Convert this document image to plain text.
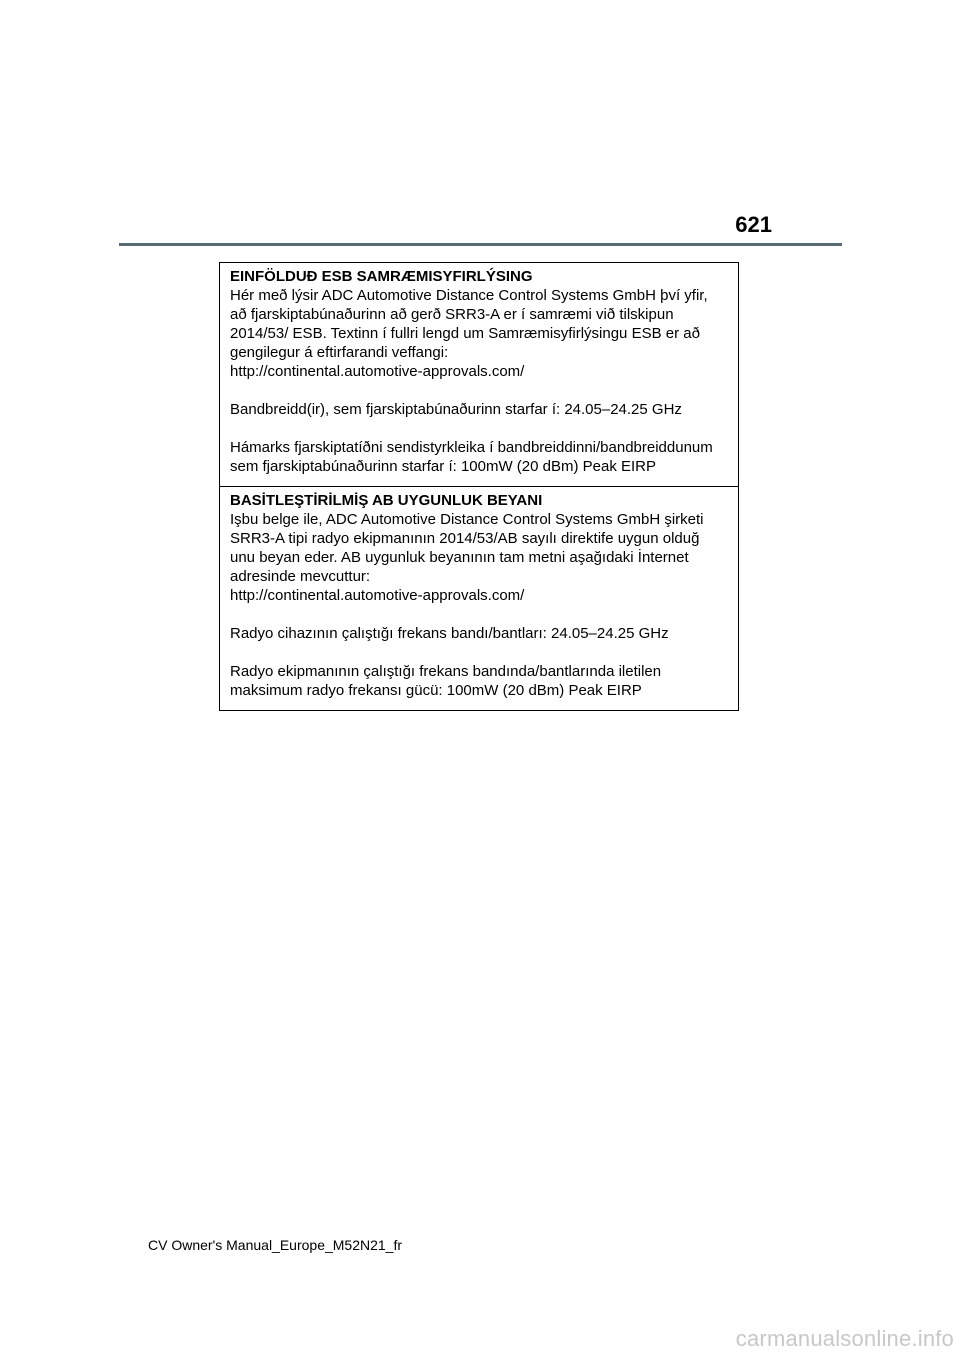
621

EINFÖLDUÐ ESB SAMRÆMISYFIRLÝSING

Hér með lýsir ADC Automotive Distance Control Systems GmbH því yfir, að fjarskiptabúnaðurinn að gerð SRR3-A er í samræmi við tilskipun 2014/53/ ESB. Textinn í fullri lengd um Samræmisyfirlýsingu ESB er að gengilegur á eftirfarandi veffangi:

http://continental.automotive-approvals.com/

Bandbreidd(ir), sem fjarskiptabúnaðurinn starfar í: 24.05–24.25 GHz

Hámarks fjarskiptatíðni sendistyrkleika í bandbreiddinni/bandbreiddunum sem fjarskiptabúnaðurinn starfar í: 100mW (20 dBm) Peak EIRP

BASİTLEŞTİRİLMİŞ AB UYGUNLUK BEYANI

Işbu belge ile, ADC Automotive Distance Control Systems GmbH şirketi SRR3-A tipi radyo ekipmanının 2014/53/AB sayılı direktife uygun olduğ unu beyan eder. AB uygunluk beyanının tam metni aşağıdaki İnternet adresinde mevcuttur:

http://continental.automotive-approvals.com/

Radyo cihazının çalıştığı frekans bandı/bantları: 24.05–24.25 GHz

Radyo ekipmanının çalıştığı frekans bandında/bantlarında iletilen maksimum radyo frekansı gücü: 100mW (20 dBm) Peak EIRP

CV Owner's Manual_Europe_M52N21_fr
carmanualsonline.info
